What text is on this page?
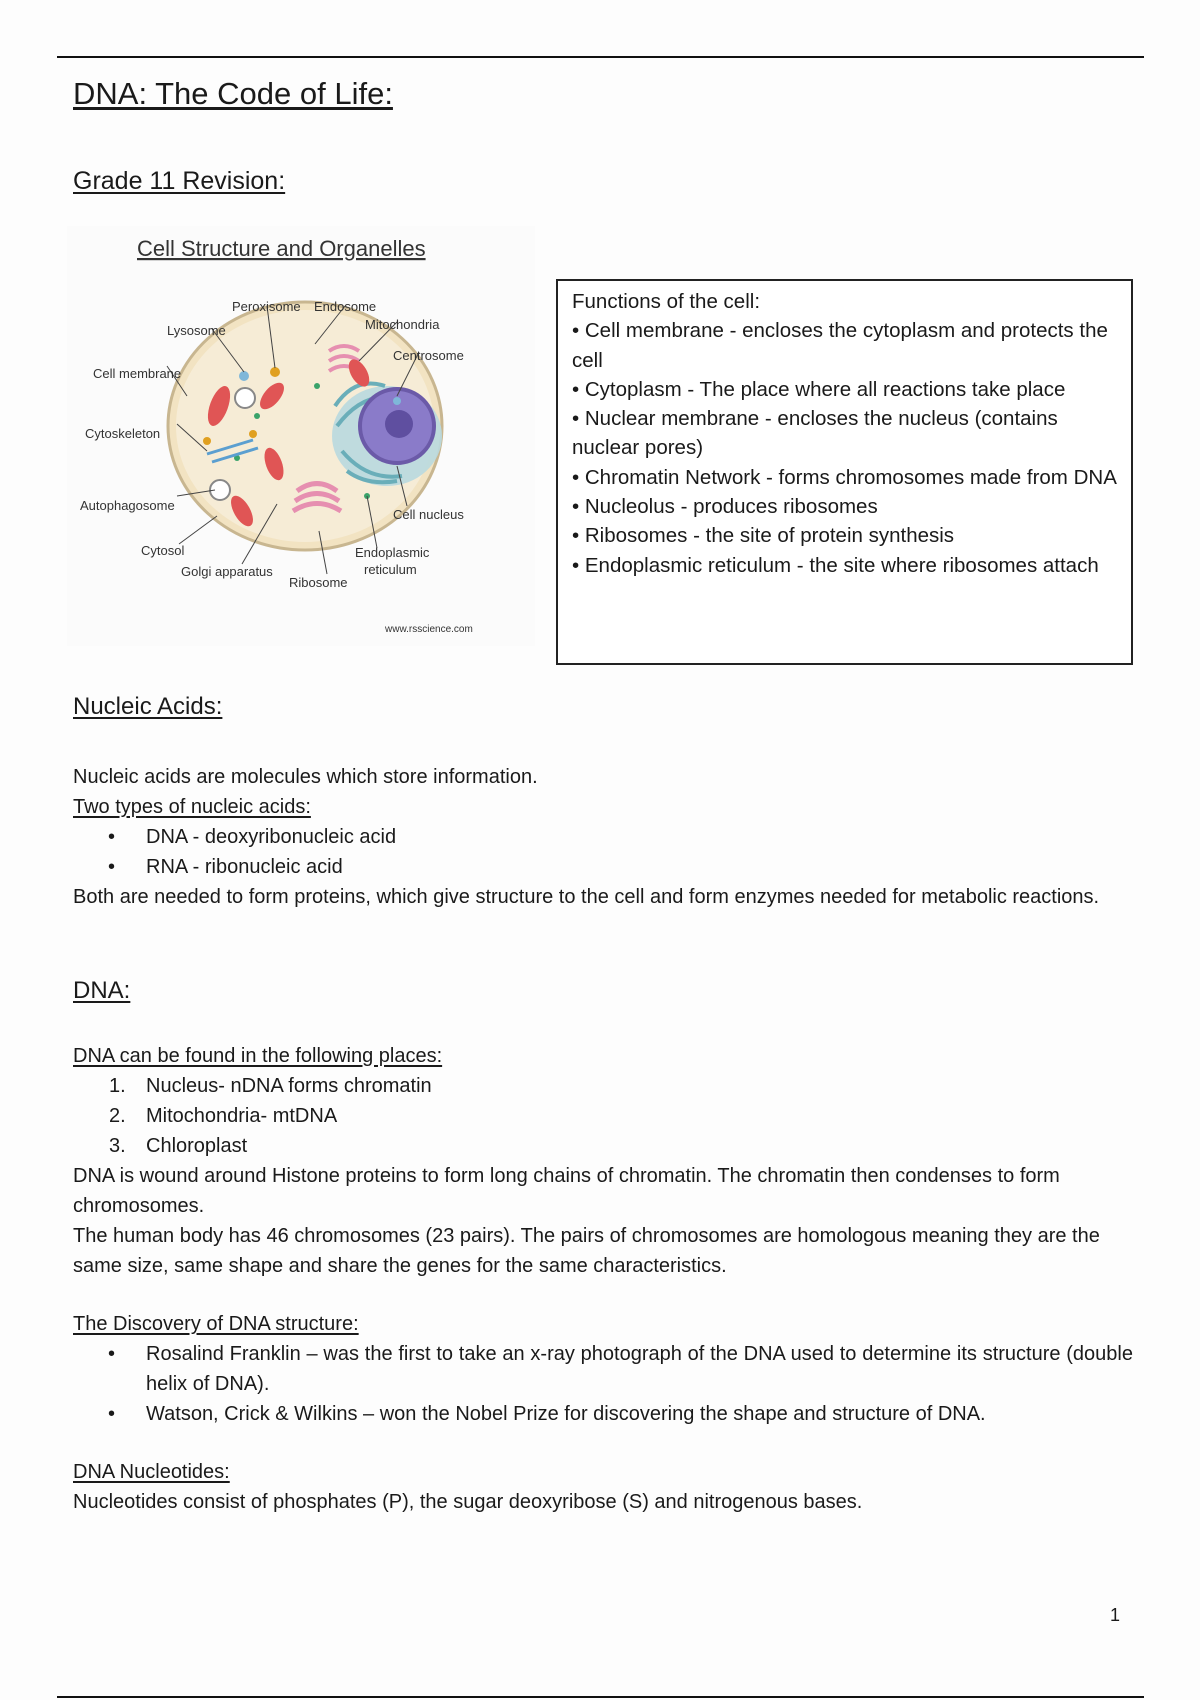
DNA: The Code of Life:
Grade 11 Revision:
Cell Structure and Organelles
Peroxisome Endosome
Mitochondria
Lysosome
Centrosome
Cell membrane
Cytoskeleton
Autophagosome
Cell nucleus
Cytosol	Endoplasmic
reticulum
Golgi apparatus
Ribosome
www.rsscience.com

Functions of the cell:

• Cell membrane - encloses the cytoplasm and protects the cell
• Cytoplasm - The place where all reactions take place
• Nuclear membrane - encloses the nucleus (contains nuclear pores)
• Chromatin Network - forms chromosomes made from DNA
• Nucleolus - produces ribosomes
• Ribosomes - the site of protein synthesis
• Endoplasmic reticulum - the site where ribosomes attach
Nucleic Acids:

Nucleic acids are molecules which store information.

Two types of nucleic acids:

• DNA - deoxyribonucleic acid
• RNA - ribonucleic acid

Both are needed to form proteins, which give structure to the cell and form enzymes needed for metabolic reactions.

DNA:

DNA can be found in the following places:

1. Nucleus- nDNA forms chromatin
2. Mitochondria- mtDNA
3. Chloroplast

DNA is wound around Histone proteins to form long chains of chromatin. The chromatin then condenses to form chromosomes.

The human body has 46 chromosomes (23 pairs). The pairs of chromosomes are homologous meaning they are the same size, same shape and share the genes for the same characteristics.

The Discovery of DNA structure:

• Rosalind Franklin – was the first to take an x-ray photograph of the DNA used to determine its structure (double helix of DNA).
• Watson, Crick & Wilkins – won the Nobel Prize for discovering the shape and structure of DNA.

DNA Nucleotides:

Nucleotides consist of phosphates (P), the sugar deoxyribose (S) and nitrogenous bases.

1
